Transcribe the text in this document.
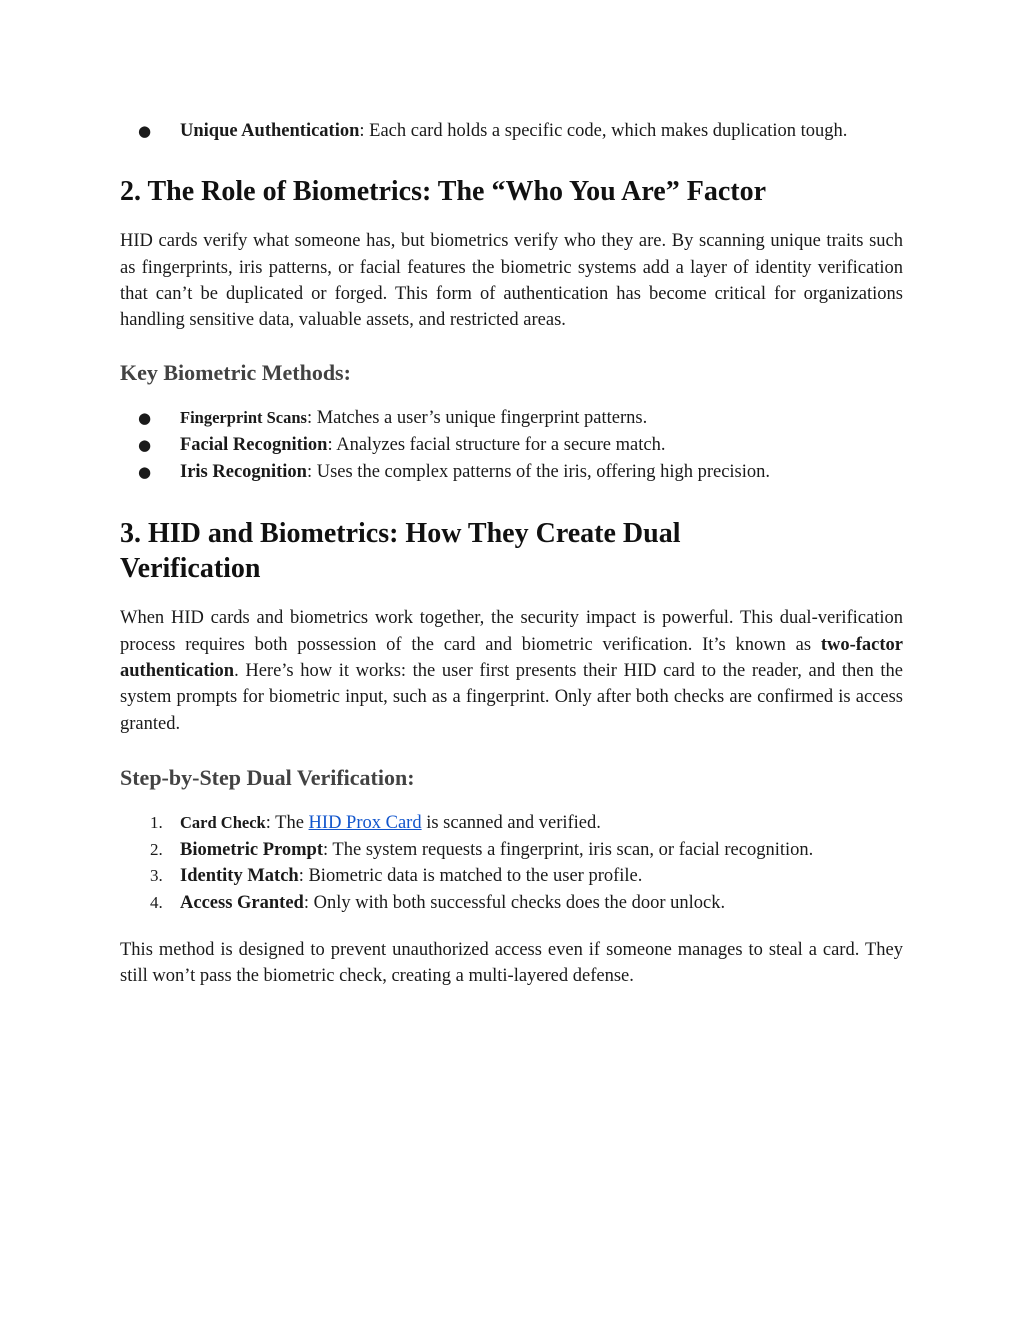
● Unique Authentication: Each card holds a specific code, which makes duplication tough.
2. The Role of Biometrics: The “Who You Are” Factor

HID cards verify what someone has, but biometrics verify who they are. By scanning unique traits such as fingerprints, iris patterns, or facial features the biometric systems add a layer of identity verification that can’t be duplicated or forged. This form of authentication has become critical for organizations handling sensitive data, valuable assets, and restricted areas.

Key Biometric Methods:
● Fingerprint Scans: Matches a user’s unique fingerprint patterns.
● Facial Recognition: Analyzes facial structure for a secure match.
● Iris Recognition: Uses the complex patterns of the iris, offering high precision.
3. HID and Biometrics: How They Create Dual
Verification

When HID cards and biometrics work together, the security impact is powerful. This dual-verification process requires both possession of the card and biometric verification. It’s known as two-factor authentication. Here’s how it works: the user first presents their HID card to the reader, and then the system prompts for biometric input, such as a fingerprint. Only after both checks are confirmed is access granted.

Step-by-Step Dual Verification:
1. Card Check: The HID Prox Card is scanned and verified.
2. Biometric Prompt: The system requests a fingerprint, iris scan, or facial recognition.
3. Identity Match: Biometric data is matched to the user profile.
4. Access Granted: Only with both successful checks does the door unlock.

This method is designed to prevent unauthorized access even if someone manages to steal a card. They still won’t pass the biometric check, creating a multi-layered defense.
